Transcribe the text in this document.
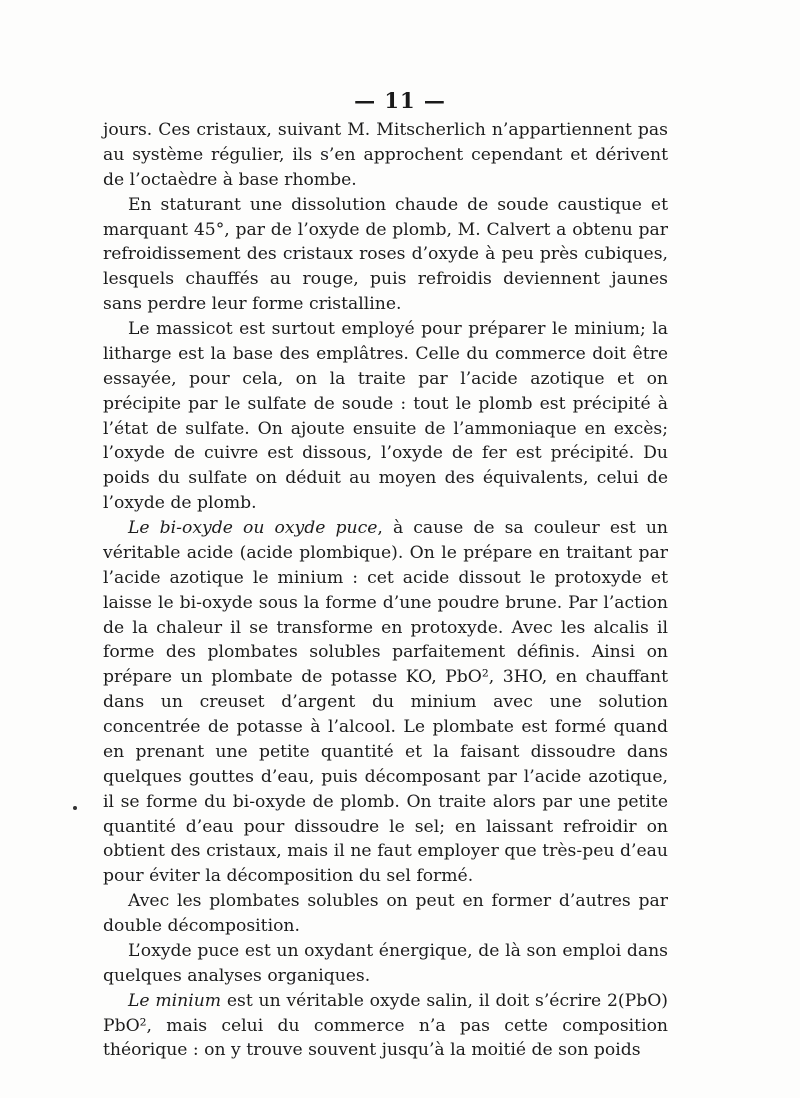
— 11 —

jours. Ces cristaux, suivant M. Mitscherlich n’appartiennent pas au système régulier, ils s’en approchent cependant et dérivent de l’octaèdre à base rhombe.

En staturant une dissolution chaude de soude caustique et marquant 45°, par de l’oxyde de plomb, M. Calvert a obtenu par refroidissement des cristaux roses d’oxyde à peu près cubiques, lesquels chauffés au rouge, puis refroidis deviennent jaunes sans perdre leur forme cristalline.

Le massicot est surtout employé pour préparer le minium; la litharge est la base des emplâtres. Celle du commerce doit être essayée, pour cela, on la traite par l’acide azotique et on précipite par le sulfate de soude : tout le plomb est précipité à l’état de sulfate. On ajoute ensuite de l’ammoniaque en excès; l’oxyde de cuivre est dissous, l’oxyde de fer est précipité. Du poids du sulfate on déduit au moyen des équivalents, celui de l’oxyde de plomb.

Le bi-oxyde ou oxyde puce, à cause de sa couleur est un véritable acide (acide plombique). On le prépare en traitant par l’acide azotique le minium : cet acide dissout le protoxyde et laisse le bi-oxyde sous la forme d’une poudre brune. Par l’action de la chaleur il se transforme en protoxyde. Avec les alcalis il forme des plombates solubles parfaitement définis. Ainsi on prépare un plombate de potasse KO, PbO², 3HO, en chauffant dans un creuset d’argent du minium avec une solution concentrée de potasse à l’alcool. Le plombate est formé quand en prenant une petite quantité et la faisant dissoudre dans quelques gouttes d’eau, puis décomposant par l’acide azotique, il se forme du bi-oxyde de plomb. On traite alors par une petite quantité d’eau pour dissoudre le sel; en laissant refroidir on obtient des cristaux, mais il ne faut employer que très-peu d’eau pour éviter la décomposition du sel formé.

Avec les plombates solubles on peut en former d’autres par double décomposition.

L’oxyde puce est un oxydant énergique, de là son emploi dans quelques analyses organiques.

Le minium est un véritable oxyde salin, il doit s’écrire 2(PbO) PbO², mais celui du commerce n’a pas cette composition théorique : on y trouve souvent jusqu’à la moitié de son poids
